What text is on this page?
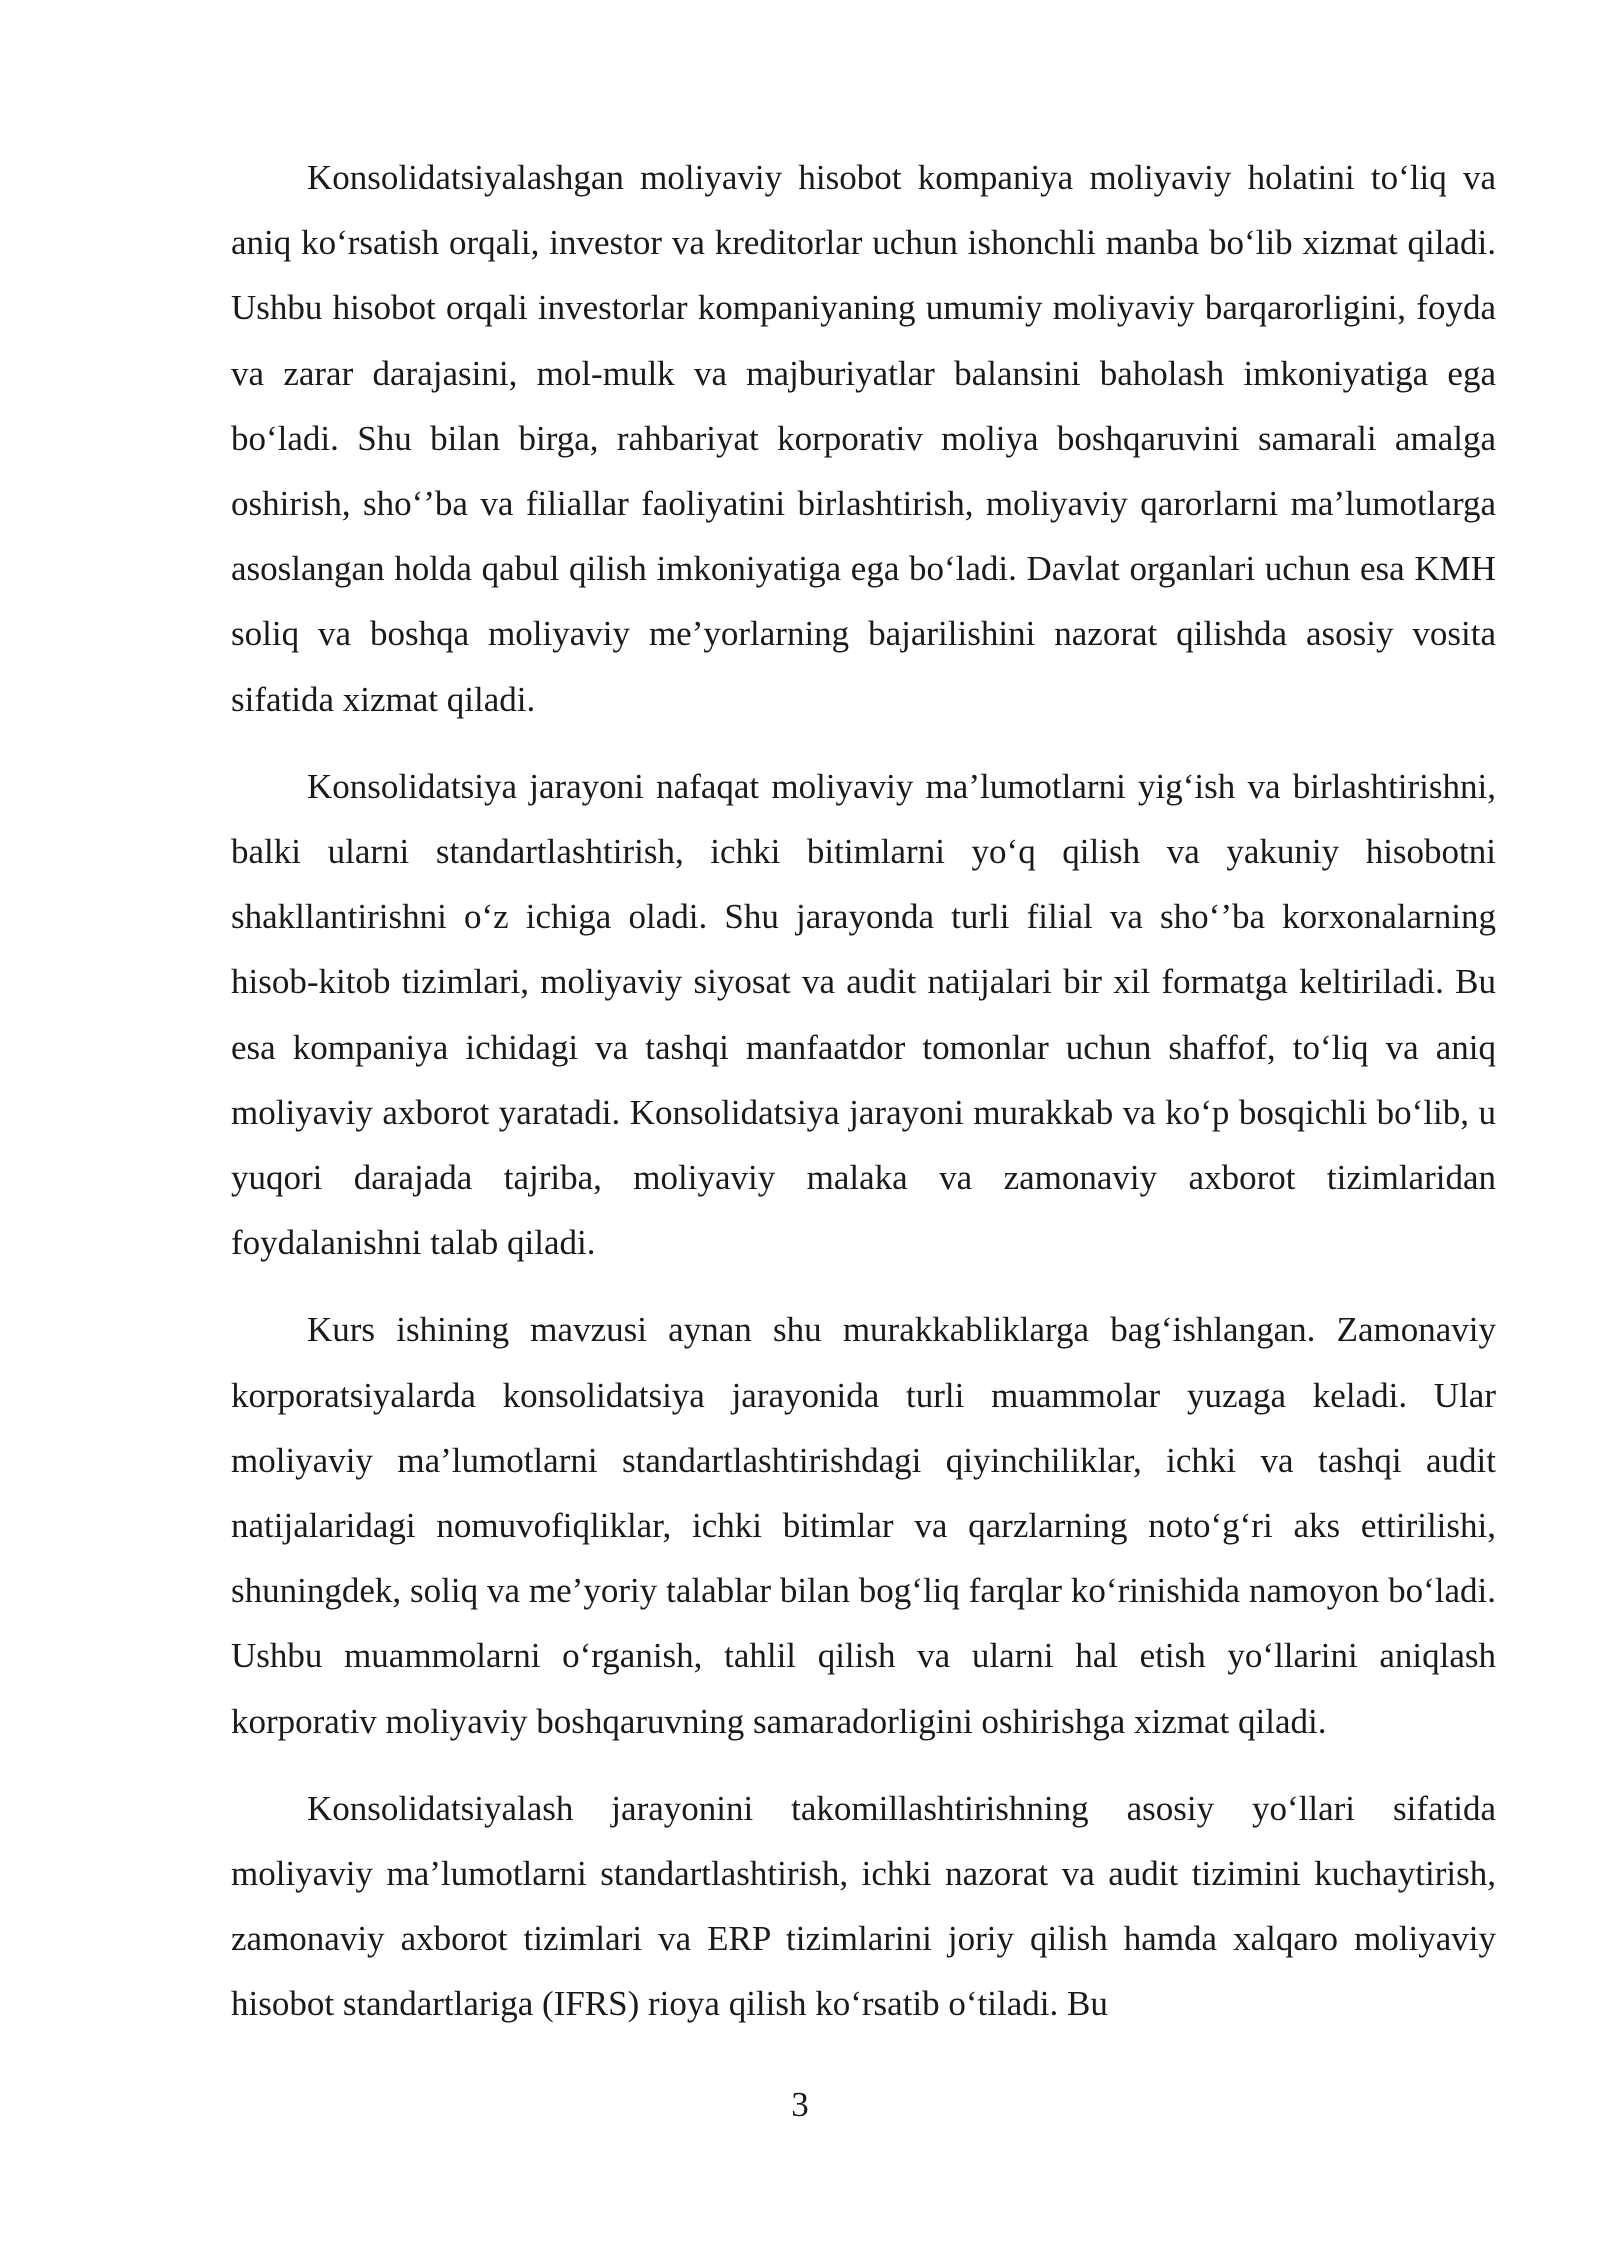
Konsolidatsiyalashgan moliyaviy hisobot kompaniya moliyaviy holatini to‘liq va aniq ko‘rsatish orqali, investor va kreditorlar uchun ishonchli manba bo‘lib xizmat qiladi. Ushbu hisobot orqali investorlar kompaniyaning umumiy moliyaviy barqarorligini, foyda va zarar darajasini, mol-mulk va majburiyatlar balansini baholash imkoniyatiga ega bo‘ladi. Shu bilan birga, rahbariyat korporativ moliya boshqaruvini samarali amalga oshirish, sho‘’ba va filiallar faoliyatini birlashtirish, moliyaviy qarorlarni ma’lumotlarga asoslangan holda qabul qilish imkoniyatiga ega bo‘ladi. Davlat organlari uchun esa KMH soliq va boshqa moliyaviy me’yorlarning bajarilishini nazorat qilishda asosiy vosita sifatida xizmat qiladi.

Konsolidatsiya jarayoni nafaqat moliyaviy ma’lumotlarni yig‘ish va birlashtirishni, balki ularni standartlashtirish, ichki bitimlarni yo‘q qilish va yakuniy hisobotni shakllantirishni o‘z ichiga oladi. Shu jarayonda turli filial va sho‘’ba korxonalarning hisob-kitob tizimlari, moliyaviy siyosat va audit natijalari bir xil formatga keltiriladi. Bu esa kompaniya ichidagi va tashqi manfaatdor tomonlar uchun shaffof, to‘liq va aniq moliyaviy axborot yaratadi. Konsolidatsiya jarayoni murakkab va ko‘p bosqichli bo‘lib, u yuqori darajada tajriba, moliyaviy malaka va zamonaviy axborot tizimlaridan foydalanishni talab qiladi.

Kurs ishining mavzusi aynan shu murakkabliklarga bag‘ishlangan. Zamonaviy korporatsiyalarda konsolidatsiya jarayonida turli muammolar yuzaga keladi. Ular moliyaviy ma’lumotlarni standartlashtirishdagi qiyinchiliklar, ichki va tashqi audit natijalaridagi nomuvofiqliklar, ichki bitimlar va qarzlarning noto‘g‘ri aks ettirilishi, shuningdek, soliq va me’yoriy talablar bilan bog‘liq farqlar ko‘rinishida namoyon bo‘ladi. Ushbu muammolarni o‘rganish, tahlil qilish va ularni hal etish yo‘llarini aniqlash korporativ moliyaviy boshqaruvning samaradorligini oshirishga xizmat qiladi.

Konsolidatsiyalash jarayonini takomillashtirishning asosiy yo‘llari sifatida moliyaviy ma’lumotlarni standartlashtirish, ichki nazorat va audit tizimini kuchaytirish, zamonaviy axborot tizimlari va ERP tizimlarini joriy qilish hamda xalqaro moliyaviy hisobot standartlariga (IFRS) rioya qilish ko‘rsatib o‘tiladi. Bu

3
